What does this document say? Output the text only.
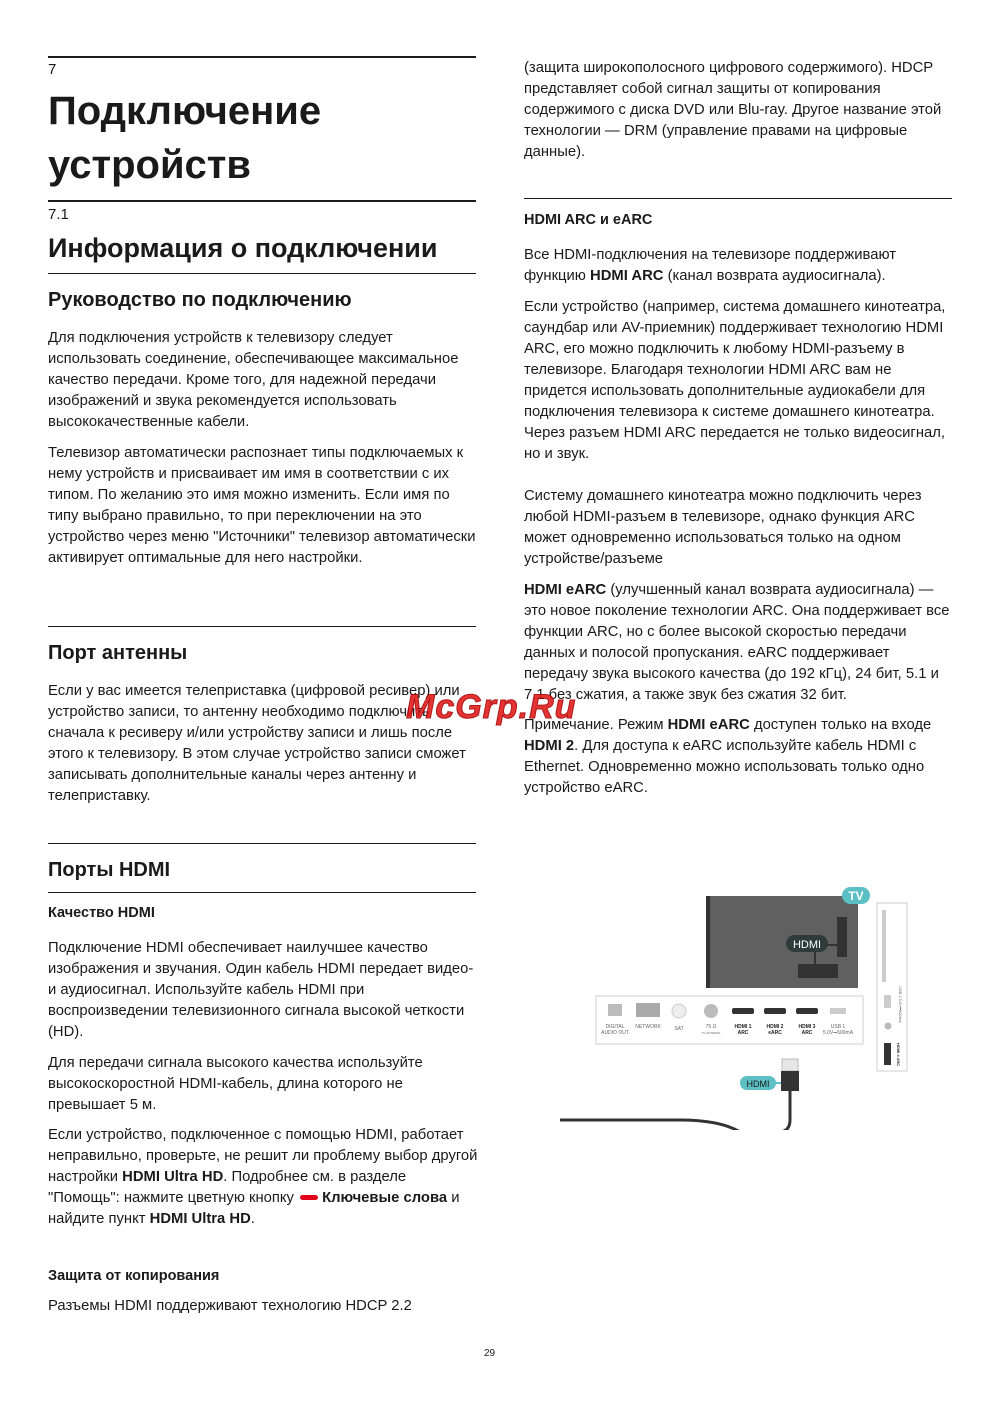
7
Подключение устройств
7.1
Информация о подключении
Руководство по подключению

Для подключения устройств к телевизору следует использовать соединение, обеспечивающее максимальное качество передачи. Кроме того, для надежной передачи изображений и звука рекомендуется использовать высококачественные кабели.

Телевизор автоматически распознает типы подключаемых к нему устройств и присваивает им имя в соответствии с их типом. По желанию это имя можно изменить. Если имя по типу выбрано правильно, то при переключении на это устройство через меню "Источники" телевизор автоматически активирует оптимальные для него настройки.

Порт антенны

Если у вас имеется телеприставка (цифровой ресивер) или устройство записи, то антенну необходимо подключить сначала к ресиверу и/или устройству записи и лишь после этого к телевизору. В этом случае устройство записи сможет записывать дополнительные каналы через антенну и телеприставку.

Порты HDMI
Качество HDMI

Подключение HDMI обеспечивает наилучшее качество изображения и звучания. Один кабель HDMI передает видео- и аудиосигнал. Используйте кабель HDMI при воспроизведении телевизионного сигнала высокой четкости (HD).

Для передачи сигнала высокого качества используйте высокоскоростной HDMI-кабель, длина которого не превышает 5 м.

Если устройство, подключенное с помощью HDMI, работает неправильно, проверьте, не решит ли проблему выбор другой настройки HDMI Ultra HD. Подробнее см. в разделе "Помощь": нажмите цветную кнопку Ключевые слова и найдите пункт HDMI Ultra HD.

Защита от копирования

Разъемы HDMI поддерживают технологию HDCP 2.2

(защита широкополосного цифрового содержимого). HDCP представляет собой сигнал защиты от копирования содержимого с диска DVD или Blu-ray. Другое название этой технологии — DRM (управление правами на цифровые данные).

HDMI ARC и eARC

Все HDMI-подключения на телевизоре поддерживают функцию HDMI ARC (канал возврата аудиосигнала).

Если устройство (например, система домашнего кинотеатра, саундбар или AV-приемник) поддерживает технологию HDMI ARC, его можно подключить к любому HDMI-разъему в телевизоре. Благодаря технологии HDMI ARC вам не придется использовать дополнительные аудиокабели для подключения телевизора к системе домашнего кинотеатра. Через разъем HDMI ARC передается не только видеосигнал, но и звук.

Систему домашнего кинотеатра можно подключить через любой HDMI-разъем в телевизоре, однако функция ARC может одновременно использоваться только на одном устройстве/разъеме

HDMI eARC (улучшенный канал возврата аудиосигнала) — это новое поколение технологии ARC. Она поддерживает все функции ARC, но с более высокой скоростью передачи данных и полосой пропускания. eARC поддерживает передачу звука высокого качества (до 192 кГц), 24 бит, 5.1 и 7.1 без сжатия, а также звук без сжатия 32 бит.

Примечание. Режим HDMI eARC доступен только на входе HDMI 2. Для доступа к eARC используйте кабель HDMI с Ethernet. Одновременно можно использовать только одно устройство eARC.

TV
HDMI
DIGITAL
AUDIO OUT
NETWORK	SAT	75 Ω
TV ANTENNA
HDMI 1
ARC
HDMI 2
eARC
HDMI 3
ARC
USB 1
5.0V⎓500mA
USB 2 5.0V⎓900mA
HDMI 4 ARC
HDMI
McGrp.Ru
29
